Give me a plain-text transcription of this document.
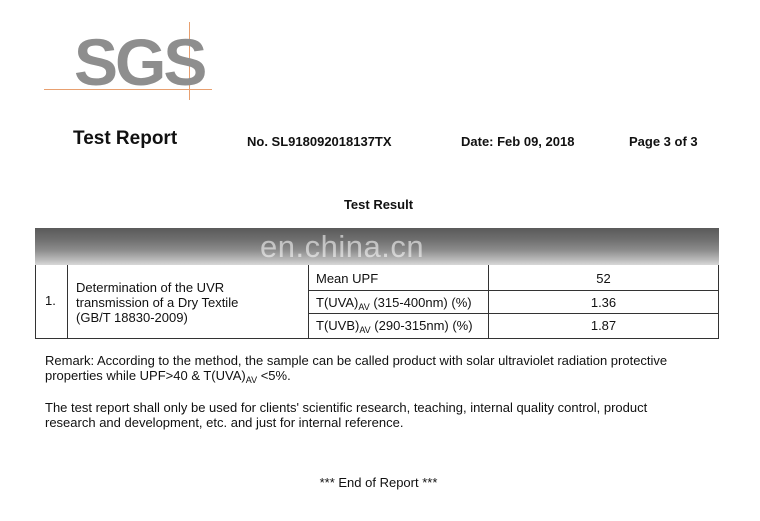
SGS
Test Report	No. SL918092018137TX	Date: Feb 09, 2018	Page 3 of 3
Test Result
en.china.cn
1.
Determination of the UVR
transmission of a Dry Textile
(GB/T 18830-2009)
Mean UPF	52
$T(UVA)_{AV}$ (315-400nm) (%)	1.36
$T(UVB)_{AV}$ (290-315nm) (%)	1.87
Remark: According to the method, the sample can be called product with solar ultraviolet radiation protective
properties while UPF>40 & $T(UVA)_{AV} <5\%$.
The test report shall only be used for clients' scientific research, teaching, internal quality control, product
research and development, etc. and just for internal reference.
*** End of Report ***
